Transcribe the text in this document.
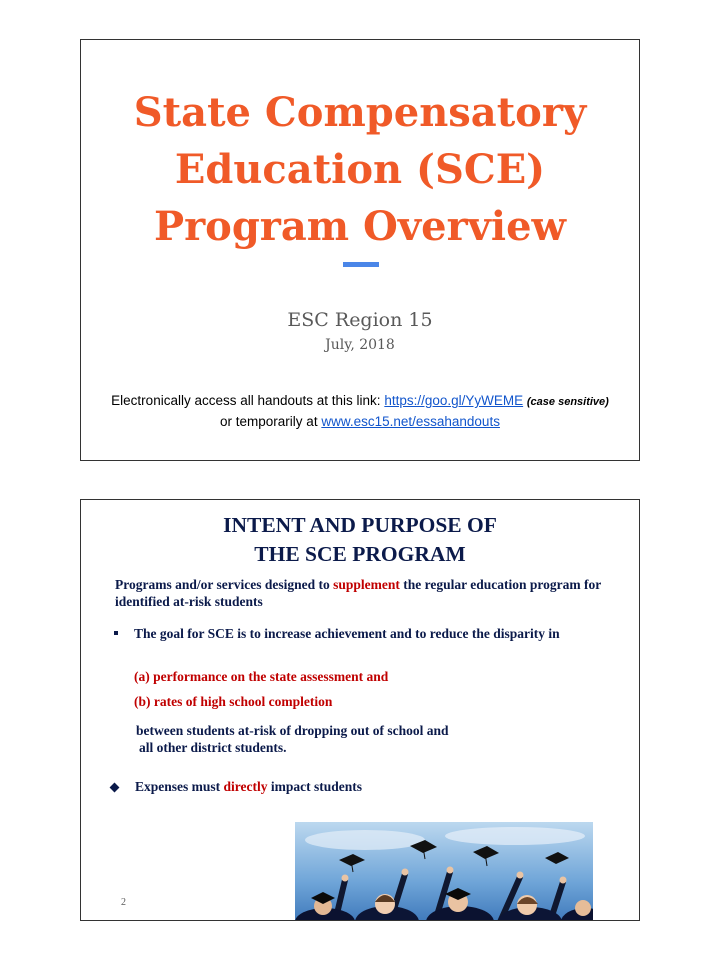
State Compensatory
Education (SCE)
Program Overview
ESC Region 15
July, 2018
Electronically access all handouts at this link: https://goo.gl/YyWEME (case sensitive)
or temporarily at www.esc15.net/essahandouts
INTENT AND PURPOSE OF
THE SCE PROGRAM
Programs and/or services designed to supplement the regular education program for identified at-risk students
The goal for SCE is to increase achievement and to reduce the disparity in
(a) performance on the state assessment and
(b) rates of high school completion
between students at-risk of dropping out of school and
all other district students.
Expenses must directly impact students
2
